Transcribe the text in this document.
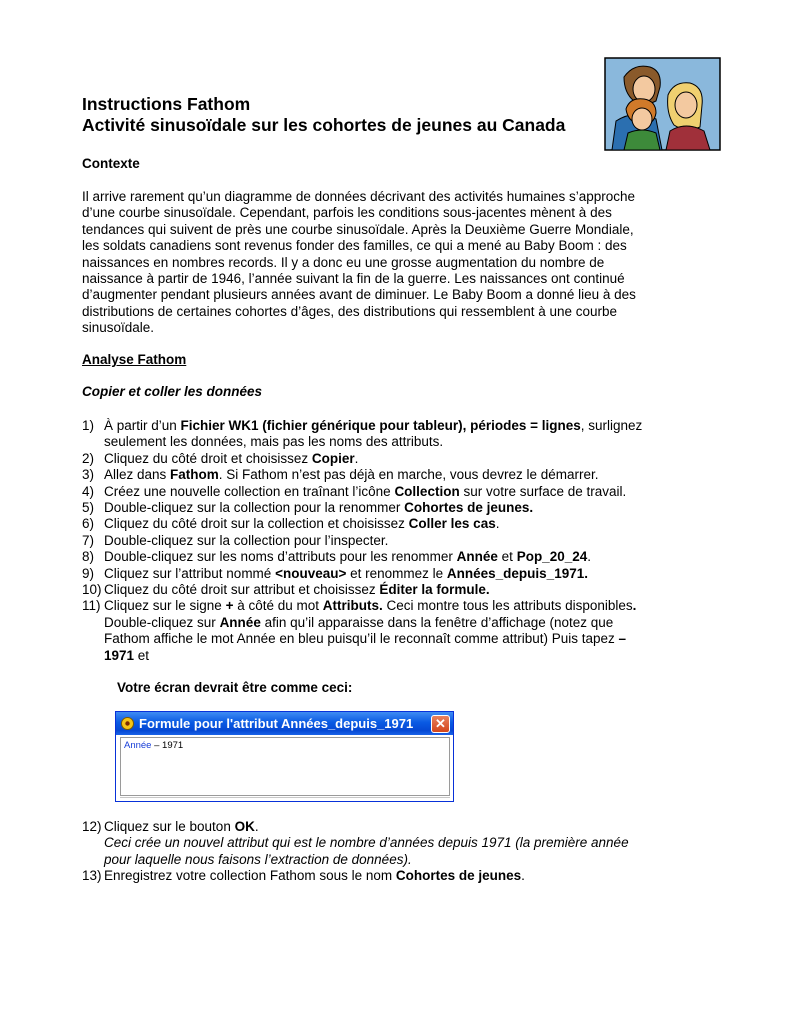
Instructions Fathom
Activité sinusoïdale sur les cohortes de jeunes au Canada
Contexte
Il arrive rarement qu’un diagramme de données décrivant des activités humaines s’approche
d’une courbe sinusoïdale. Cependant, parfois les conditions sous-jacentes mènent à des
tendances qui suivent de près une courbe sinusoïdale. Après la Deuxième Guerre Mondiale,
les soldats canadiens sont revenus fonder des familles, ce qui a mené au Baby Boom : des
naissances en nombres records. Il y a donc eu une grosse augmentation du nombre de
naissance à partir de 1946, l’année suivant la fin de la guerre. Les naissances ont continué
d’augmenter pendant plusieurs années avant de diminuer. Le Baby Boom a donné lieu à des
distributions de certaines cohortes d’âges, des distributions qui ressemblent à une courbe
sinusoïdale.
Analyse Fathom
Copier et coller les données
1) À partir d’un Fichier WK1 (fichier générique pour tableur), périodes = lignes, surlignez
seulement les données, mais pas les noms des attributs.
2) Cliquez du côté droit et choisissez Copier.
3) Allez dans Fathom. Si Fathom n’est pas déjà en marche, vous devrez le démarrer.
4) Créez une nouvelle collection en traînant l’icône Collection sur votre surface de travail.
5) Double-cliquez sur la collection pour la renommer Cohortes de jeunes.
6) Cliquez du côté droit sur la collection et choisissez Coller les cas.
7) Double-cliquez sur la collection pour l’inspecter.
8) Double-cliquez sur les noms d’attributs pour les renommer Année et Pop_20_24.
9) Cliquez sur l’attribut nommé <nouveau> et renommez le Années_depuis_1971.
10) Cliquez du côté droit sur attribut et choisissez Éditer la formule.
11) Cliquez sur le signe + à côté du mot Attributs. Ceci montre tous les attributs disponibles.
Double-cliquez sur Année afin qu’il apparaisse dans la fenêtre d’affichage (notez que
Fathom affiche le mot Année en bleu puisqu’il le reconnaît comme attribut) Puis tapez –
1971 et
Votre écran devrait être comme ceci:
Formule pour l'attribut Années_depuis_1971	✕
Année – 1971
12) Cliquez sur le bouton OK.
Ceci crée un nouvel attribut qui est le nombre d’années depuis 1971 (la première année
pour laquelle nous faisons l’extraction de données).
13) Enregistrez votre collection Fathom sous le nom Cohortes de jeunes.
